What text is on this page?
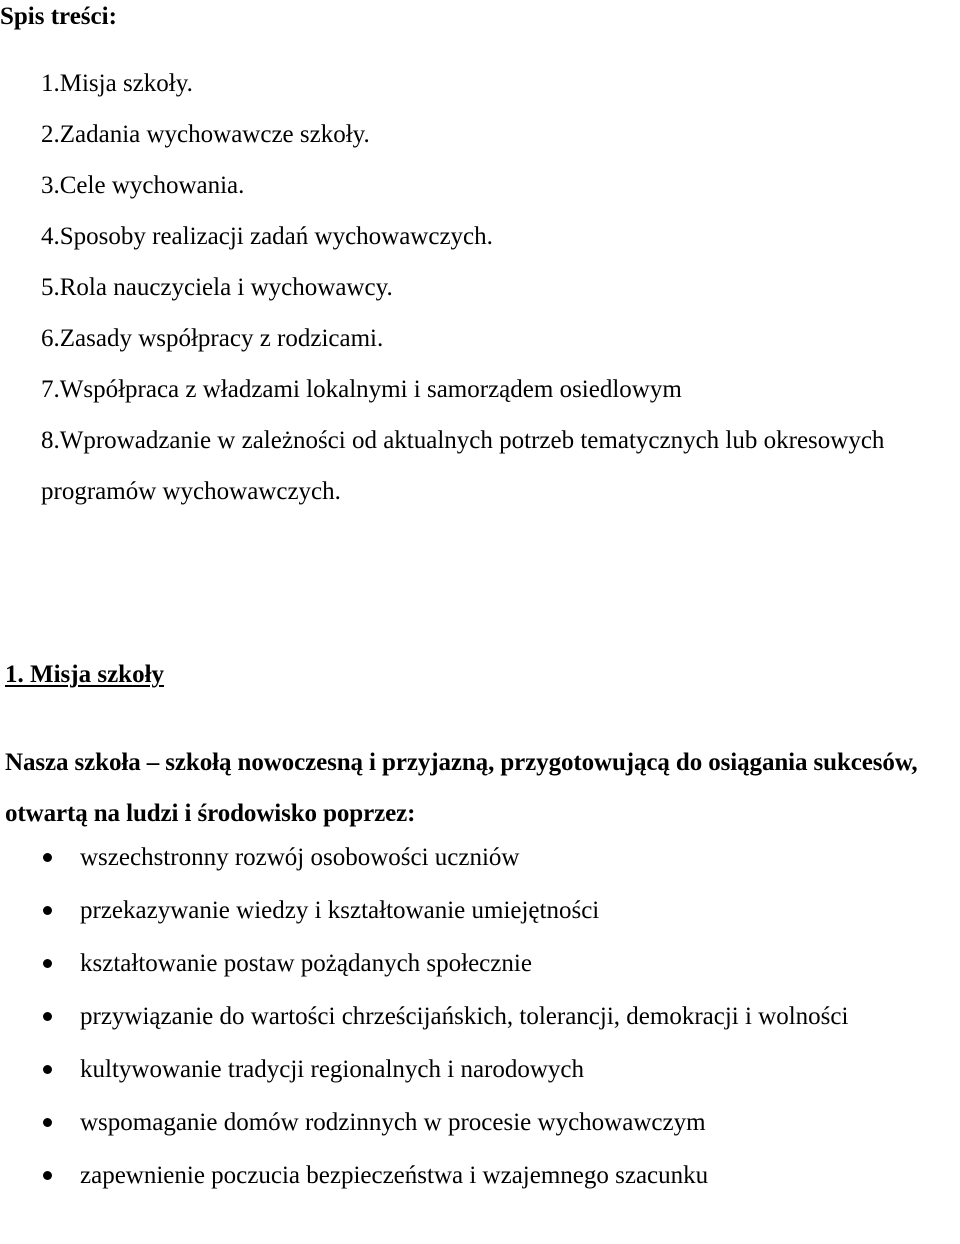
Spis treści:
1.Misja szkoły.
2.Zadania wychowawcze szkoły.
3.Cele wychowania.
4.Sposoby realizacji zadań wychowawczych.
5.Rola nauczyciela i wychowawcy.
6.Zasady współpracy z rodzicami.
7.Współpraca z władzami lokalnymi i samorządem osiedlowym
8.Wprowadzanie w zależności od aktualnych potrzeb tematycznych lub okresowych programów wychowawczych.
1. Misja szkoły

Nasza szkoła – szkołą nowoczesną i przyjazną, przygotowującą do osiągania sukcesów, otwartą na ludzi i środowisko poprzez:

wszechstronny rozwój osobowości uczniów
przekazywanie wiedzy i kształtowanie umiejętności
kształtowanie postaw pożądanych społecznie
przywiązanie do wartości chrześcijańskich, tolerancji, demokracji i wolności
kultywowanie tradycji regionalnych i narodowych
wspomaganie domów rodzinnych w procesie wychowawczym
zapewnienie poczucia bezpieczeństwa i wzajemnego szacunku
